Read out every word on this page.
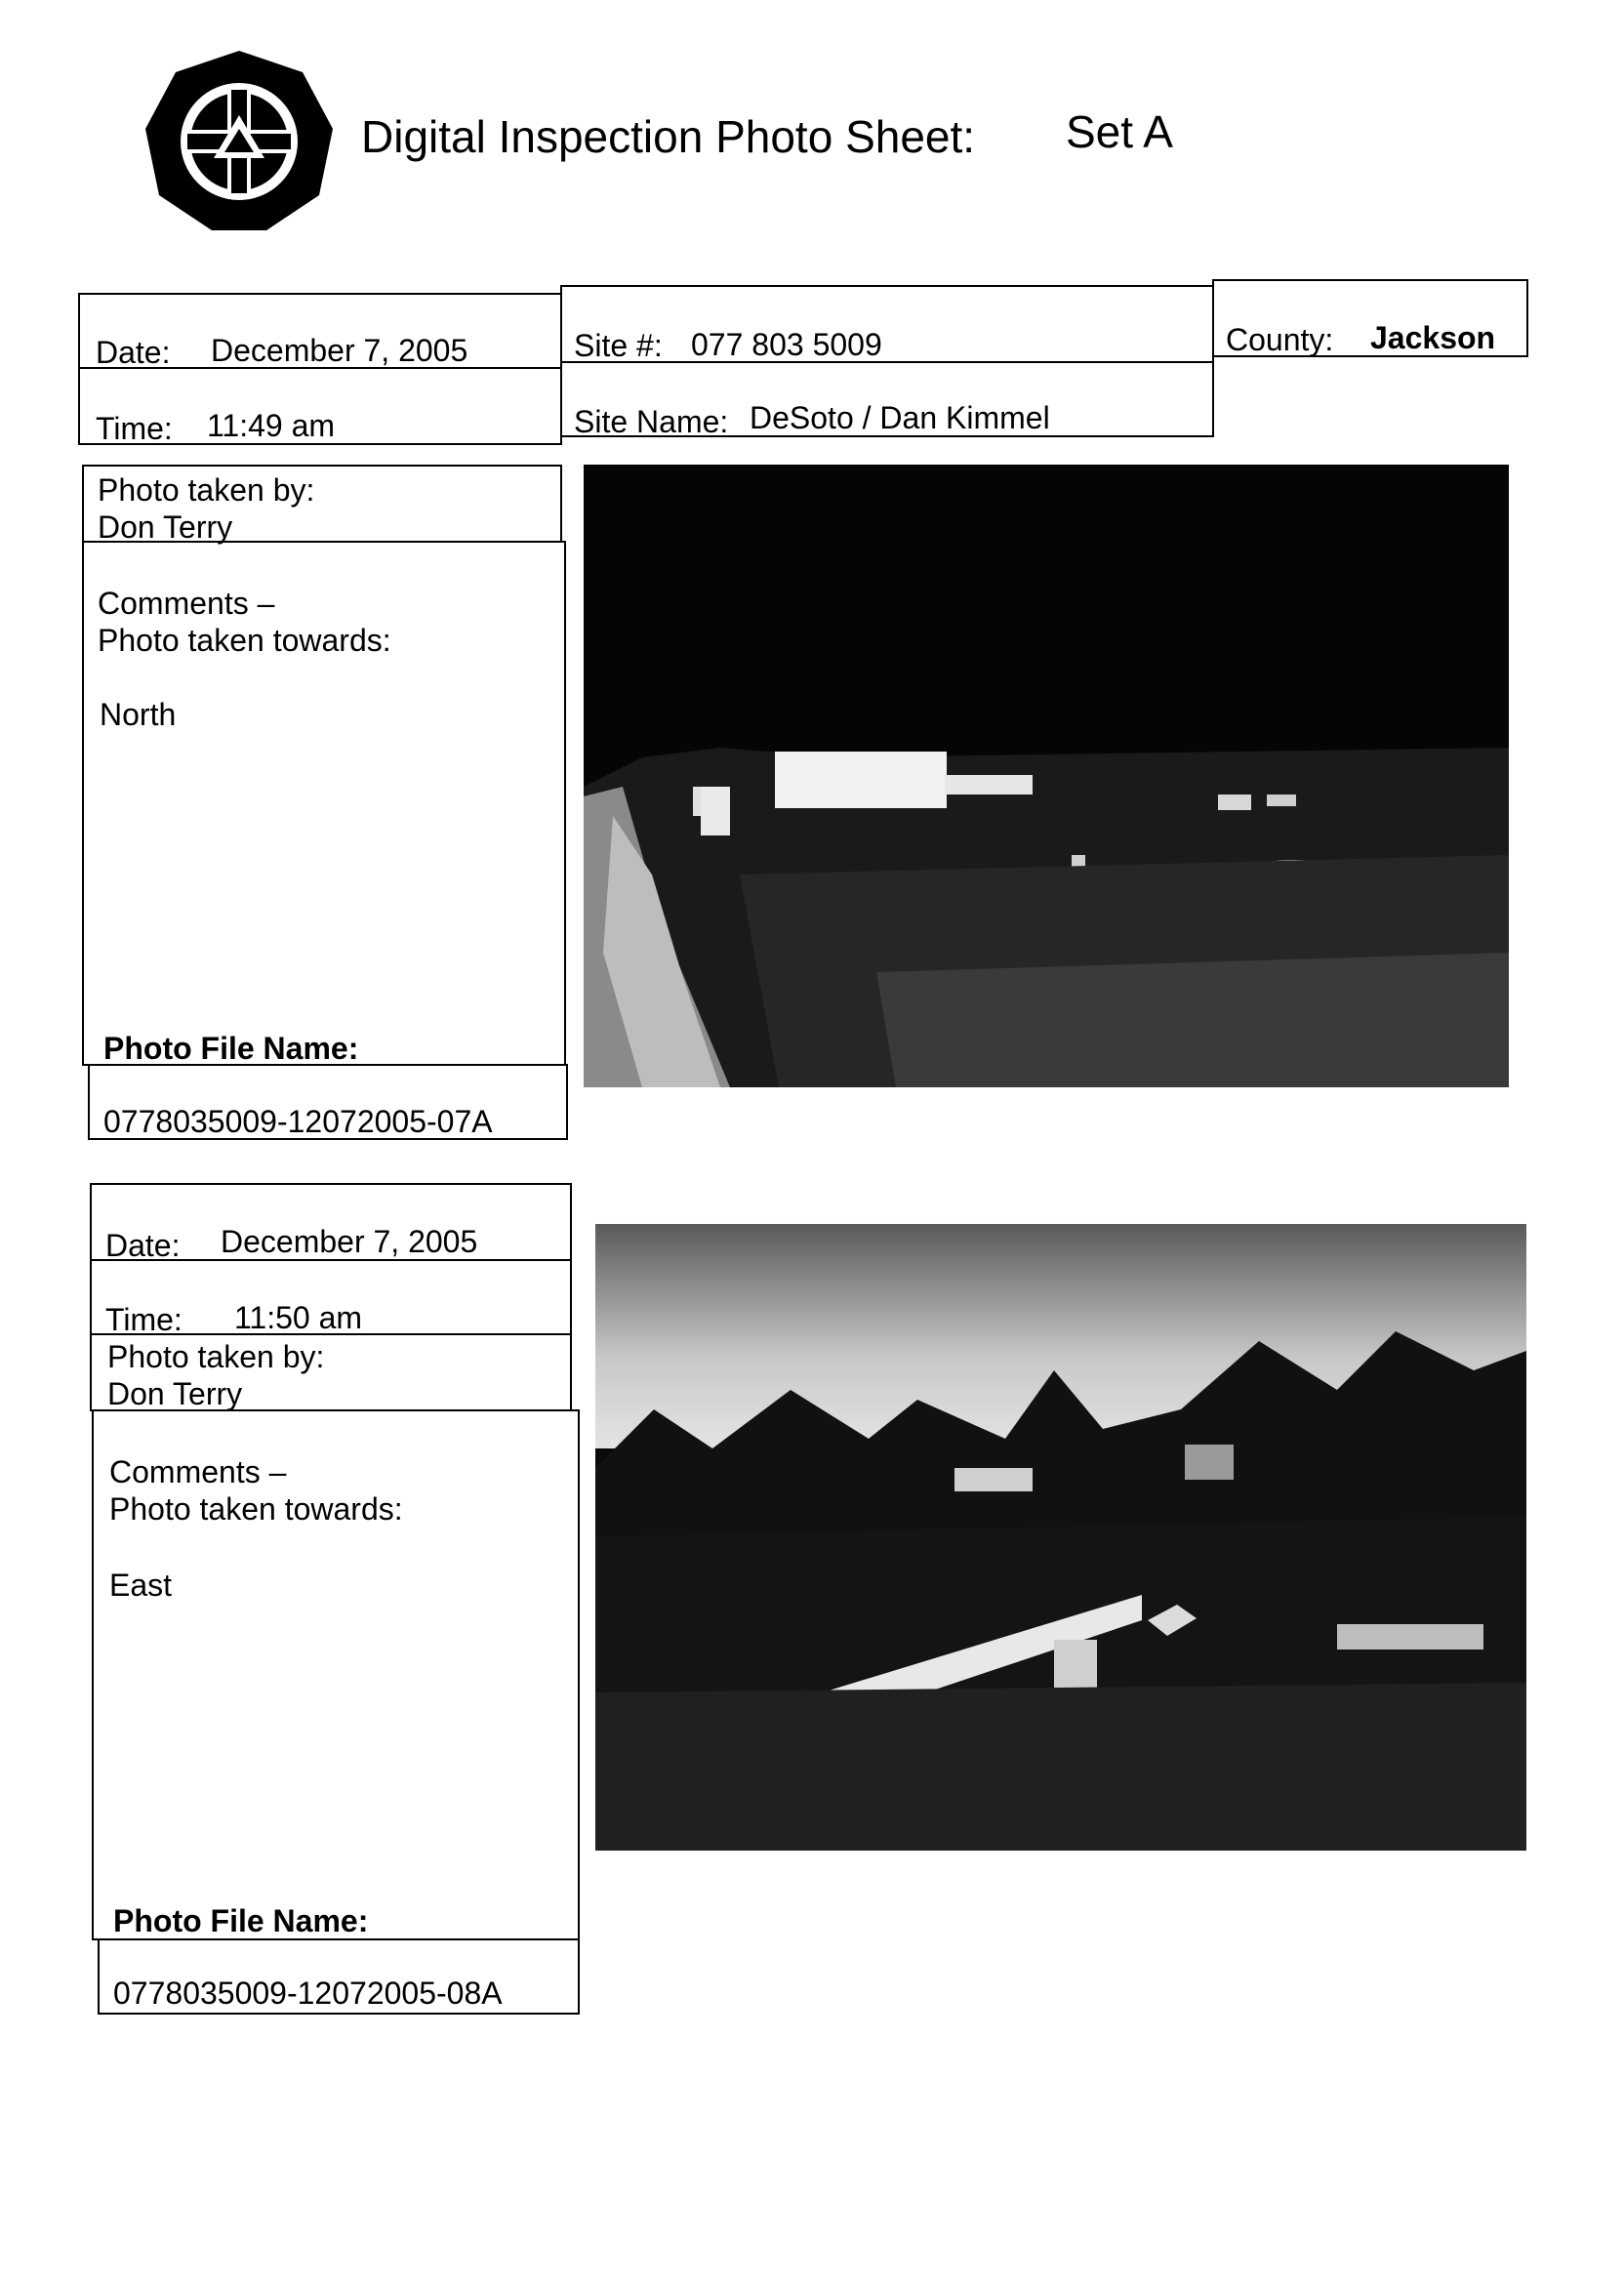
Digital Inspection Photo Sheet: Set A
Date: December 7, 2005
Time: 11:49 am
Site #: 077 803 5009
Site Name: DeSoto / Dan Kimmel
County: Jackson
Photo taken by:
Don Terry
Comments –
Photo taken towards:
North
Photo File Name:
0778035009-12072005-07A
Date: December 7, 2005
Time: 11:50 am
Photo taken by:
Don Terry
Comments –
Photo taken towards:
East
Photo File Name:
0778035009-12072005-08A
